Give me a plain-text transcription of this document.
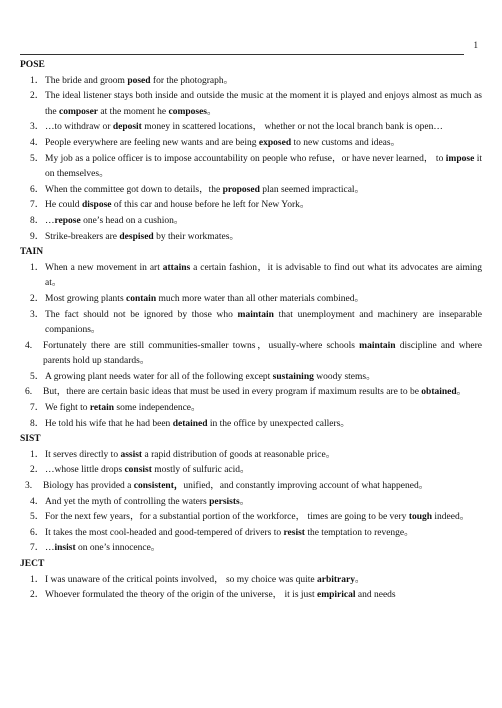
1
POSE
1． The bride and groom posed for the photograph。
2． The ideal listener stays both inside and outside the music at the moment it is played and enjoys almost as much as the composer at the moment he composes。
3． …to withdraw or deposit money in scattered locations， whether or not the local branch bank is open…
4． People everywhere are feeling new wants and are being exposed to new customs and ideas。
5． My job as a police officer is to impose accountability on people who refuse，or have never learned， to impose it on themselves。
6． When the committee got down to details，the proposed plan seemed impractical。
7． He could dispose of this car and house before he left for New York。
8． …repose one’s head on a cushion。
9． Strike-breakers are despised by their workmates。
TAIN
1． When a new movement in art attains a certain fashion，it is advisable to find out what its advocates are aiming at。
2． Most growing plants contain much more water than all other materials combined。
3． The fact should not be ignored by those who maintain that unemployment and machinery are inseparable companions。
4.	Fortunately there are still communities-smaller towns，usually-where schools maintain discipline and where parents hold up standards。
5． A growing plant needs water for all of the following except sustaining woody stems。
6.	But，there are certain basic ideas that must be used in every program if maximum results are to be obtained。
7． We fight to retain some independence。
8． He told his wife that he had been detained in the office by unexpected callers。
SIST
1． It serves directly to assist a rapid distribution of goods at reasonable price。
2． …whose little drops consist mostly of sulfuric acid。
3.	Biology has provided a consistent，unified，and constantly improving account of what happened。
4． And yet the myth of controlling the waters persists。
5． For the next few years，for a substantial portion of the workforce， times are going to be very tough indeed。
6． It takes the most cool-headed and good-tempered of drivers to resist the temptation to revenge。
7． …insist on one’s innocence。
JECT
1． I was unaware of the critical points involved， so my choice was quite arbitrary。
2． Whoever formulated the theory of the origin of the universe， it is just empirical and needs
